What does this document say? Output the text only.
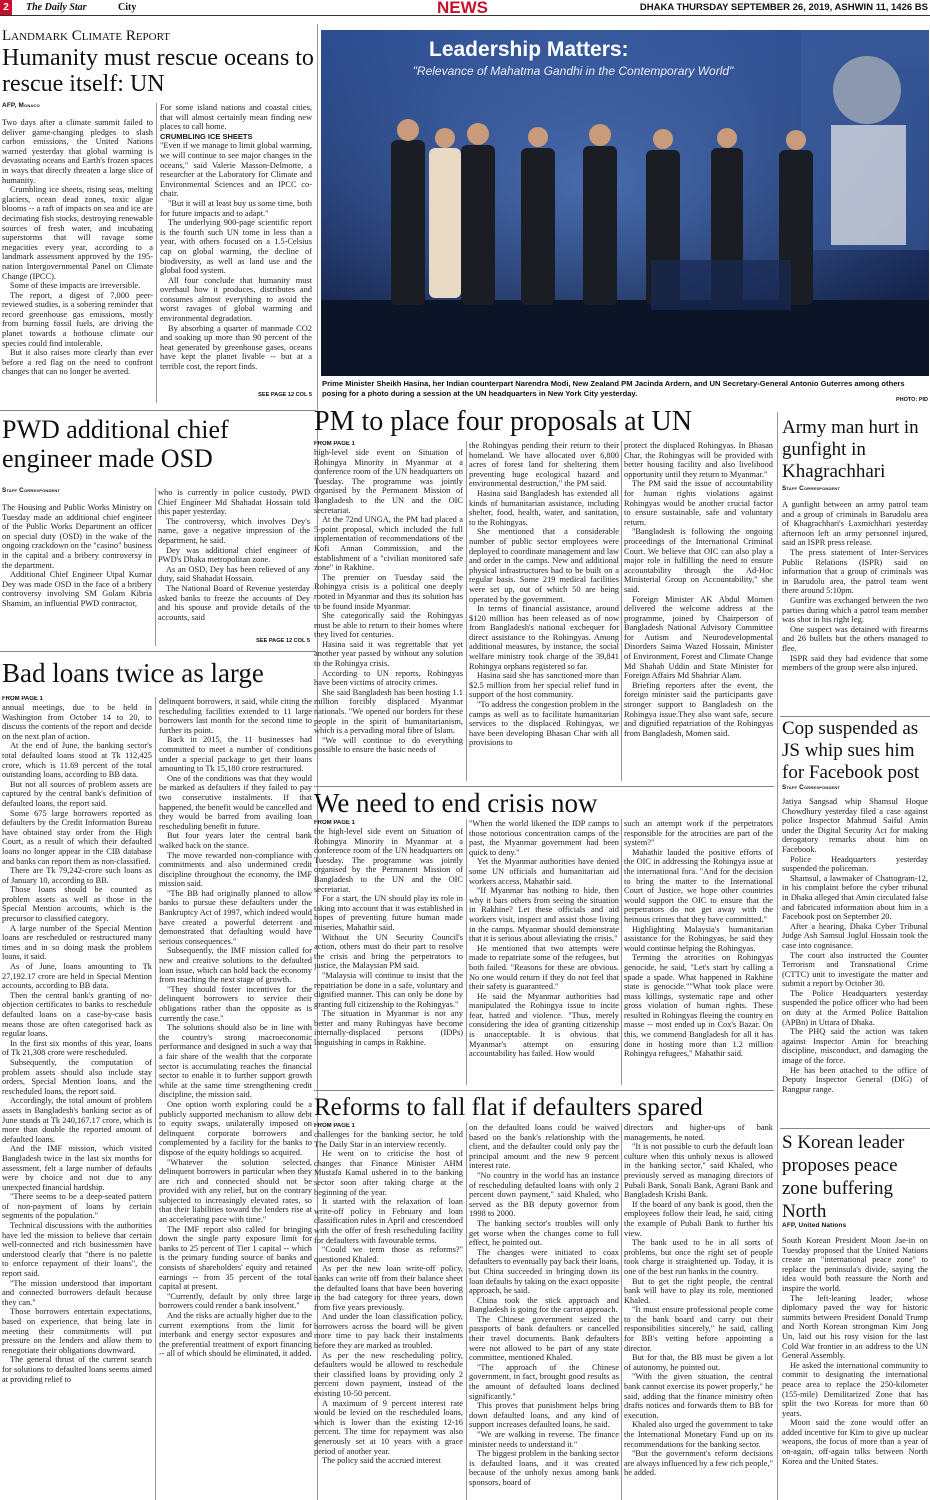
2	The Daily Star	City	NEWS	DHAKA THURSDAY SEPTEMBER 26, 2019, ASHWIN 11, 1426 BS
Landmark Climate Report
Humanity must rescue oceans to rescue itself: UN
AFP, Monaco

Two days after a climate summit failed to deliver game-changing pledges to slash carbon emissions, the United Nations warned yesterday that global warming is devastating oceans and Earth's frozen spaces in ways that directly threaten a large slice of humanity.

Crumbling ice sheets, rising seas, melting glaciers, ocean dead zones, toxic algae blooms -- a raft of impacts on sea and ice are decimating fish stocks, destroying renewable sources of fresh water, and incubating superstorms that will ravage some megacities every year, according to a landmark assessment approved by the 195-nation Intergovernmental Panel on Climate Change (IPCC).

Some of these impacts are irreversible.

The report, a digest of 7,000 peer-reviewed studies, is a sobering reminder that record greenhouse gas emissions, mostly from burning fossil fuels, are driving the planet towards a hothouse climate our species could find intolerable.

But it also raises more clearly than ever before a red flag on the need to confront changes that can no longer be averted.

For some island nations and coastal cities, that will almost certainly mean finding new places to call home.

CRUMBLING ICE SHEETS

"Even if we manage to limit global warming, we will continue to see major changes in the oceans," said Valerie Masson-Delmotte, a researcher at the Laboratory for Climate and Environmental Sciences and an IPCC co-chair.

"But it will at least buy us some time, both for future impacts and to adapt."

The underlying 900-page scientific report is the fourth such UN tome in less than a year, with others focused on a 1.5-Celsius cap on global warming, the decline of biodiversity, as well as land use and the global food system.

All four conclude that humanity must overhaul how it produces, distributes and consumes almost everything to avoid the worst ravages of global warming and environmental degradation.

By absorbing a quarter of manmade CO2 and soaking up more than 90 percent of the heat generated by greenhouse gases, oceans have kept the planet livable -- but at a terrible cost, the report finds.

SEE PAGE 12 COL 5
Leadership Matters:
"Relevance of Mahatma Gandhi in the Contemporary World"
Prime Minister Sheikh Hasina, her Indian counterpart Narendra Modi, New Zealand PM Jacinda Ardern, and UN Secretary-General Antonio Guterres among others posing for a photo during a session at the UN headquarters in New York City yesterday.
PHOTO: PID
PWD additional chief engineer made OSD
Staff Correspondent

The Housing and Public Works Ministry on Tuesday made an additional chief engineer of the Public Works Department an officer on special duty (OSD) in the wake of the ongoing crackdown on the "casino" business in the capital and a bribery controversy in the department.

Additional Chief Engineer Utpal Kumar Dey was made OSD in the face of a bribery controversy involving SM Golam Kibria Shamim, an influential PWD contractor,

who is currently in police custody, PWD Chief Engineer Md Shahadat Hossain told this paper yesterday.

The controversy, which involves Dey's name, gave a negative impression of the department, he said.

Dey was additional chief engineer of PWD's Dhaka metropolitan zone.

As an OSD, Dey has been relieved of any duty, said Shahadat Hossain.

The National Board of Revenue yesterday asked banks to freeze the accounts of Dey and his spouse and provide details of the accounts, said

SEE PAGE 12 COL 5
Bad loans twice as large
FROM PAGE 1

annual meetings, due to be held in Washington from October 14 to 20, to discuss the contents of the report and decide on the next plan of action.

At the end of June, the banking sector's total defaulted loans stood at Tk 112,425 crore, which is 11.69 percent of the total outstanding loans, according to BB data.

But not all sources of problem assets are captured by the central bank's definition of defaulted loans, the report said.

Some 675 large borrowers reported as defaulters by the Credit Information Bureau have obtained stay order from the High Court, as a result of which their defaulted loans no longer appear in the CIB database and banks can report them as non-classified.

There are Tk 79,242-crore such loans as of January 10, according to BB.

Those loans should be counted as problem assets as well as those in the Special Mention accounts, which is the precursor to classified category.

A large number of the Special Mention loans are rescheduled or restructured many times and in so doing mask the problem loans, it said.

As of June, loans amounting to Tk 27,192.17 crore are held in Special Mention accounts, according to BB data.

Then the central bank's granting of no-objection certificates to banks to reschedule defaulted loans on a case-by-case basis means those are often categorised back as regular loans.

In the first six months of this year, loans of Tk 21,308 crore were rescheduled.

Subsequently, the computation of problem assets should also include stay orders, Special Mention loans, and the rescheduled loans, the report said.

Accordingly, the total amount of problem assets in Bangladesh's banking sector as of June stands at Tk 240,167.17 crore, which is more than double the reported amount of defaulted loans.

And the IMF mission, which visited Bangladesh twice in the last six months for assessment, felt a large number of defaults were by choice and not due to any unexpected financial hardship.

"There seems to be a deep-seated pattern of non-payment of loans by certain segments of the population."

Technical discussions with the authorities have led the mission to believe that certain well-connected and rich businessmen have understood clearly that "there is no palette to enforce repayment of their loans", the report said.

"The mission understood that important and connected borrowers default because they can."

Those borrowers entertain expectations, based on experience, that being late in meeting their commitments will put pressure on the lenders and allow them to renegotiate their obligations downward.

The general thrust of the current search for solutions to defaulted loans seems aimed at providing relief to

delinquent borrowers, it said, while citing the rescheduling facilities extended to 11 large borrowers last month for the second time to further its point.

Back in 2015, the 11 businesses had committed to meet a number of conditions under a special package to get their loans amounting to Tk 15,180 crore restructured.

One of the conditions was that they would be marked as defaulters if they failed to pay two consecutive instalments. If that happened, the benefit would be cancelled and they would be barred from availing loan rescheduling benefit in future.

But four years later the central bank walked back on the stance.

The move rewarded non-compliance with commitments and also undermined credit discipline throughout the economy, the IMF mission said.

"The BB had originally planned to allow banks to pursue these defaulters under the Bankruptcy Act of 1997, which indeed would have created a powerful deterrent and demonstrated that defaulting would have serious consequences."

Subsequently, the IMF mission called for new and creative solutions to the defaulted loan issue, which can hold back the economy from reaching the next stage of growth.

"They should foster incentives for the delinquent borrowers to service their obligations rather than the opposite as is currently the case."

The solutions should also be in line with the country's strong macroeconomic performance and designed in such a way that a fair share of the wealth that the corporate sector is accumulating reaches the financial sector to enable it to further support growth while at the same time strengthening credit discipline, the mission said.

One option worth exploring could be a publicly supported mechanism to allow debt to equity swaps, unilaterally imposed on delinquent corporate borrowers and complemented by a facility for the banks to dispose of the equity holdings so acquired.

"Whatever the solution selected, delinquent borrowers in particular when they are rich and connected should not be provided with any relief, but on the contrary subjected to increasingly elevated rates, so that their liabilities toward the lenders rise at an accelerating pace with time."

The IMF report also called for bringing down the single party exposure limit for banks to 25 percent of Tier 1 capital -- which is the primary funding source of banks and consists of shareholders' equity and retained earnings -- from 35 percent of the total capital at present.

"Currently, default by only three large borrowers could render a bank insolvent."

And the risks are actually higher due to the current exemptions from the limit for interbank and energy sector exposures and the preferential treatment of export financing -- all of which should be eliminated, it added.

PM to place four proposals at UN
FROM PAGE 1

high-level side event on Situation of Rohingya Minority in Myanmar at a conference room of the UN headquarters on Tuesday. The programme was jointly organised by the Permanent Mission of Bangladesh to the UN and the OIC secretariat.

At the 72nd UNGA, the PM had placed a 5-point proposal, which included the full implementation of recommendations of the Kofi Annan Commission, and the establishment of a "civilian monitored safe zone" in Rakhine.

The premier on Tuesday said the Rohingya crisis is a political one deeply rooted in Myanmar and thus its solution has to be found inside Myanmar.

She categorically said the Rohingyas must be able to return to their homes where they lived for centuries.

Hasina said it was regrettable that yet another year passed by without any solution to the Rohingya crisis.

According to UN reports, Rohingyas have been victims of atrocity crimes.

She said Bangladesh has been hosting 1.1 million forcibly displaced Myanmar nationals. "We opened our borders for these people in the spirit of humanitarianism, which is a pervading moral fibre of Islam.

"We will continue to do everything possible to ensure the basic needs of

the Rohingyas pending their return to their homeland. We have allocated over 6,800 acres of forest land for sheltering them preventing huge ecological hazard and environmental destruction," the PM said.

Hasina said Bangladesh has extended all kinds of humanitarian assistance, including shelter, food, health, water, and sanitation, to the Rohingyas.

She mentioned that a considerable number of public sector employees were deployed to coordinate management and law and order in the camps. New and additional physical infrastructures had to be built on a regular basis. Some 219 medical facilities were set up, out of which 50 are being operated by the government.

In terms of financial assistance, around $120 million has been released as of now from Bangladesh's national exchequer for direct assistance to the Rohingyas. Among additional measures, by instance, the social welfare ministry took charge of the 39,841 Rohingya orphans registered so far.

Hasina said she has sanctioned more than $2.5 million from her special relief fund in support of the host community.

"To address the congestion problem in the camps as well as to facilitate humanitarian services to the displaced Rohingyas, we have been developing Bhasan Char with all provisions to

protect the displaced Rohingyas. In Bhasan Char, the Rohingyas will be provided with better housing facility and also livelihood opportunity until they return to Myanmar."

The PM said the issue of accountability for human rights violations against Rohingyas would be another crucial factor to ensure sustainable, safe and voluntary return.

"Bangladesh is following the ongoing proceedings of the International Criminal Court. We believe that OIC can also play a major role in fulfilling the need to ensure accountability through the Ad-Hoc Ministerial Group on Accountability," she said.

Foreign Minister AK Abdul Momen delivered the welcome address at the programme, joined by Chairperson of Bangladesh National Advisory Committee for Autism and Neurodevelopmental Disorders Saima Wazed Hossain, Minister of Environment, Forest and Climate Change Md Shahab Uddin and State Minister for Foreign Affairs Md Shahriar Alam.

Briefing reporters after the event, the foreign minister said the participants gave stronger support to Bangladesh on the Rohingya issue.They also want safe, secure and dignified repatriation of the Rohingyas from Bangladesh, Momen said.

We need to end crisis now
FROM PAGE 1

the high-level side event on Situation of Rohingya Minority in Myanmar at a conference room of the UN headquarters on Tuesday. The programme was jointly organised by the Permanent Mission of Bangladesh to the UN and the OIC secretariat.

For a start, the UN should play its role in taking into account that it was established in hopes of preventing future human made miseries, Mahathir said.

Without the UN Security Council's action, others must do their part to resolve the crisis and bring the perpetrators to justice, the Malaysian PM said.

"Malaysia will continue to insist that the repatriation be done in a safe, voluntary and dignified manner. This can only be done by granting full citizenship to the Rohingyas."

The situation in Myanmar is not any better and many Rohingyas have become internally-displaced persons (IDPs) languishing in camps in Rakhine.

"When the world likened the IDP camps to those notorious concentration camps of the past, the Myanmar government had been quick to deny."

Yet the Myanmar authorities have denied some UN officials and humanitarian aid workers access, Mahathir said.

"If Myanmar has nothing to hide, then why it bars others from seeing the situation in Rakhine? Let these officials and aid workers visit, inspect and assist those living in the camps. Myanmar should demonstrate that it is serious about alleviating the crisis."

He mentioned that two attempts were made to repatriate some of the refugees, but both failed. "Reasons for these are obvious. No one would return if they do not feel that their safety is guaranteed."

He said the Myanmar authorities had manipulated the Rohingya issue to incite fear, hatred and violence. "Thus, merely considering the idea of granting citizenship is unacceptable. It is obvious that Myanmar's attempt on ensuring accountability has failed. How would

such an attempt work if the perpetrators responsible for the atrocities are part of the system?"

Mahathir lauded the positive efforts of the OIC in addressing the Rohingya issue at the international fora. "And for the decision to bring the matter to the International Court of Justice, we hope other countries would support the OIC to ensure that the perpetrators do not get away with the heinous crimes that they have committed."

Highlighting Malaysia's humanitarian assistance for the Rohingyas, he said they would continue helping the Rohingyas.

Terming the atrocities on Rohingyas genocide, he said, "Let's start by calling a spade a spade. What happened in Rakhine state is genocide.""What took place were mass killings, systematic rape and other gross violation of human rights. These resulted in Rohingyas fleeing the country en masse -- most ended up in Cox's Bazar. On this, we commend Bangladesh for all it has done in hosting more than 1.2 million Rohingya refugees," Mahathir said.

Reforms to fall flat if defaulters spared
FROM PAGE 1

challenges for the banking sector, he told The Daily Star in an interview recently.

He went on to criticise the host of changes that Finance Minister AHM Mustafa Kamal ushered in to the banking sector soon after taking charge at the beginning of the year.

It started with the relaxation of loan write-off policy in February and loan classification rules in April and crescendoed with the offer of fresh rescheduling facility for defaulters with favourable terms.

"Could we term those as reforms?" questioned Khaled.

As per the new loan write-off policy, banks can write off from their balance sheet the defaulted loans that have been hovering in the bad category for three years, down from five years previously.

And under the loan classification policy, borrowers across the board will be given more time to pay back their instalments before they are marked as troubled.

As per the new rescheduling policy, defaulters would be allowed to reschedule their classified loans by providing only 2 percent down payment, instead of the existing 10-50 percent.

A maximum of 9 percent interest rate would be levied on the rescheduled loans, which is lower than the existing 12-16 percent. The time for repayment was also generously set at 10 years with a grace period of another year.

The policy said the accrued interest

on the defaulted loans could be waived based on the bank's relationship with the client, and the defaulter could only pay the principal amount and the new 9 percent interest rate.

"No country in the world has an instance of rescheduling defaulted loans with only 2 percent down payment," said Khaled, who served as the BB deputy governor from 1998 to 2000.

The banking sector's troubles will only get worse when the changes come to full effect, he pointed out.

The changes were initiated to coax defaulters to eventually pay back their loans, but China succeeded in bringing down its loan defaults by taking on the exact opposite approach, he said.

China took the stick approach and Bangladesh is going for the carrot approach.

The Chinese government seized the passports of bank defaulters or cancelled their travel documents. Bank defaulters were not allowed to be part of any state committee, mentioned Khaled.

"The approach of the Chinese government, in fact, brought good results as the amount of defaulted loans declined significantly."

This proves that punishment helps bring down defaulted loans, and any kind of support increases defaulted loans, he said.

"We are walking in reverse. The finance minister needs to understand it."

The biggest problem in the banking sector is defaulted loans, and it was created because of the unholy nexus among bank sponsors, board of

directors and higher-ups of bank managements, he noted.

"It is not possible to curb the default loan culture when this unholy nexus is allowed in the banking sector," said Khaled, who previously served as managing directors of Pubali Bank, Sonali Bank, Agrani Bank and Bangladesh Krishi Bank.

If the board of any bank is good, then the employees follow their lead, he said, citing the example of Pubali Bank to further his view.

The bank used to be in all sorts of problems, but once the right set of people took charge it straightened up. Today, it is one of the best run banks in the country.

But to get the right people, the central bank will have to play its role, mentioned Khaled.

"It must ensure professional people come to the bank board and carry out their responsibilities sincerely," he said, calling for BB's vetting before appointing a director.

But for that, the BB must be given a lot of autonomy, he pointed out.

"With the given situation, the central bank cannot exercise its power properly," he said, adding that the finance ministry often drafts notices and forwards them to BB for execution.

Khaled also urged the government to take the International Monetary Fund up on its recommendations for the banking sector.

"But the government's reform decisions are always influenced by a few rich people," he added.

Army man hurt in gunfight in Khagrachhari
Staff Correspondent

A gunfight between an army patrol team and a group of criminals in Barudolu area of Khagrachhari's Laxmichhari yesterday afternoon left an army personnel injured, said an ISPR press release.

The press statement of Inter-Services Public Relations (ISPR) said on information that a group of criminals was in Barudolu area, the patrol team went there around 5:10pm.

Gunfire was exchanged between the two parties during which a patrol team member was shot in his right leg.

One suspect was detained with firearms and 26 bullets but the others managed to flee.

ISPR said they had evidence that some members of the group were also injured.

Cop suspended as JS whip sues him for Facebook post
Staff Correspondent

Jatiya Sangsad whip Shamsul Hoque Chowdhury yesterday filed a case against police Inspector Mahmud Saiful Amin under the Digital Security Act for making derogatory remarks about him on Facebook.

Police Headquarters yesterday suspended the policeman.

Shamsul, a lawmaker of Chattogram-12, in his complaint before the cyber tribunal in Dhaka alleged that Amin circulated false and fabricated information about him in a Facebook post on September 20.

After a hearing, Dhaka Cyber Tribunal Judge Ash Samsul Joglul Hossain took the case into cognisance.

The court also instructed the Counter Terrorism and Transnational Crime (CTTC) unit to investigate the matter and submit a report by October 30.

The Police Headquarters yesterday suspended the police officer who had been on duty at the Armed Police Battalion (APBn) in Uttara of Dhaka.

The PHQ said the action was taken against Inspector Amin for breaching discipline, misconduct, and damaging the image of the force.

He has been attached to the office of Deputy Inspector General (DIG) of Rangpur range.

S Korean leader proposes peace zone buffering North
AFP, United Nations

South Korean President Moon Jae-in on Tuesday proposed that the United Nations create an "international peace zone" to replace the peninsula's divide, saying the idea would both reassure the North and inspire the world.

The left-leaning leader, whose diplomacy paved the way for historic summits between President Donald Trump and North Korean strongman Kim Jong Un, laid out his rosy vision for the last Cold War frontier in an address to the UN General Assembly.

He asked the international community to commit to designating the international peace area to replace the 250-kilometer (155-mile) Demilitarized Zone that has split the two Koreas for more than 60 years.

Moon said the zone would offer an added incentive for Kim to give up nuclear weapons, the focus of more than a year of on-again, off-again talks between North Korea and the United States.
